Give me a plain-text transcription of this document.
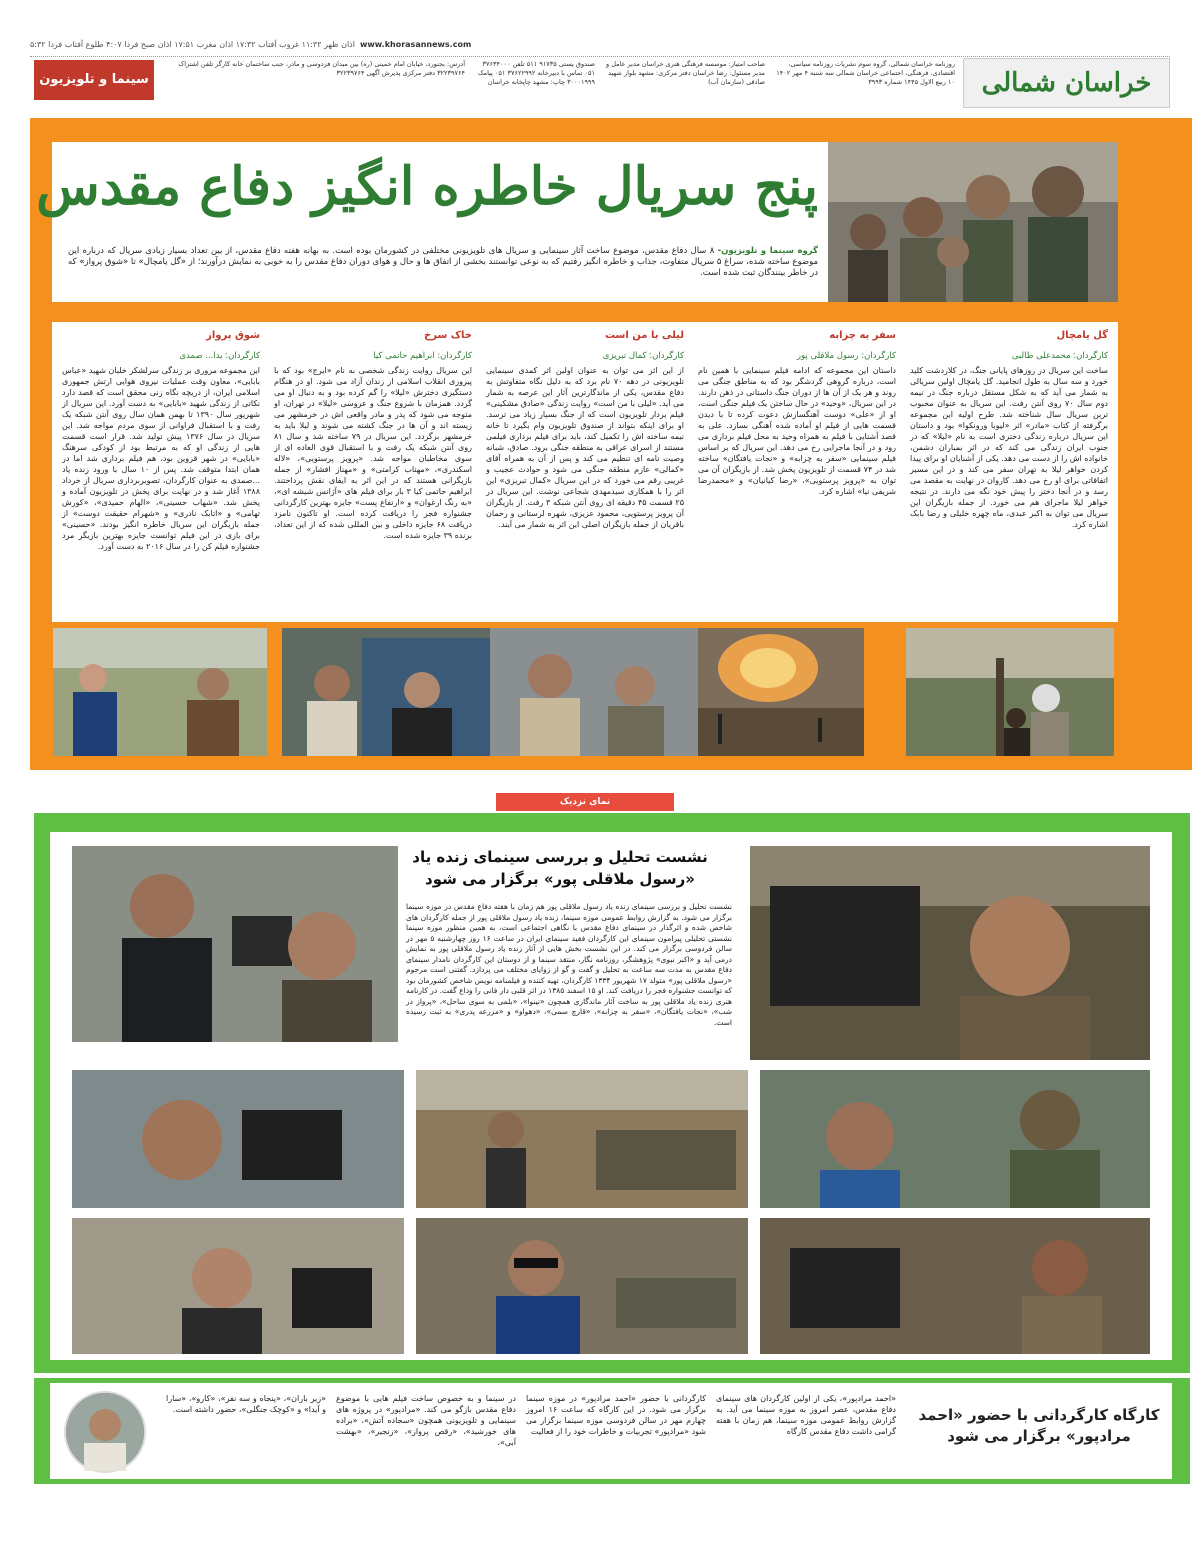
اذان ظهر ۱۱:۳۲ غروب آفتاب ۱۷:۳۲ اذان مغرب ۱۷:۵۱ اذان صبح فردا ۴:۰۷ طلوع آفتاب فردا ۵:۳۲ www.khorasannews.com
خراسان شمالی
روزنامه خراسان شمالی، گروه سوم نشریات روزنامه سیاسی، اقتصادی، فرهنگی، اجتماعی خراسان شمالی سه شنبه ۴ مهر ۱۴۰۲ ۱۰ ربیع الاول ۱۴۴۵ شماره ۳۹۹۳
صاحب امتیاز: موسسه فرهنگی هنری خراسان مدیر عامل و مدیر مسئول: رضا خراسان دفتر مرکزی: مشهد بلوار شهید صادقی (سازمان آب)
صندوق پستی ۹۱۷۳۵ ۵۱۱ تلفن ۳۷۶۳۴۰۰۰ ۰۵۱ تماس با دبیرخانه ۳۷۶۲۲۹۹۲ ۰۵۱ پیامک ۳۰۰۰۱۹۹۹ چاپ: مشهد چاپخانه خراسان
آدرس: بجنورد، خیابان امام خمینی (ره) بین میدان فردوسی و مادر، جنب ساختمان خانه کارگر تلفن اشتراک ۳۲۲۳۹۷۶۴ دفتر مرکزی پذیرش آگهی ۳۲۲۳۹۷۶۴
سینما و تلویزیون
پنج سریال خاطره انگیز دفاع مقدس
گروه سینما و تلویزیون- ۸ سال دفاع مقدس، موضوع ساخت آثار سینمایی و سریال های تلویزیونی مختلفی در کشورمان بوده است. به بهانه هفته دفاع مقدس، از بین تعداد بسیار زیادی سریال که درباره این موضوع ساخته شده، سراغ ۵ سریال متفاوت، جذاب و خاطره انگیز رفتیم که به نوعی توانستند بخشی از اتفاق ها و حال و هوای دوران دفاع مقدس را به خوبی به نمایش درآورند؛ از «گل یامچال» تا «شوق پرواز» که در خاطر بینندگان ثبت شده است.
گل یامچال
کارگردان: محمدعلی طالبی
ساخت این سریال در روزهای پایانی جنگ، در کلاردشت کلید خورد و سه سال به طول انجامید. گل یامچال اولین سریالی به شمار می آید که به شکل مستقل درباره جنگ در نیمه دوم سال ۷۰ روی آنتن رفت. این سریال به عنوان محبوب ترین سریال سال شناخته شد. طرح اولیه این مجموعه برگرفته از کتاب «مادر» اثر «لیوبا ورونکوا» بود و داستان این سریال درباره زندگی دختری است به نام «لیلا» که در جنوب ایران زندگی می کند که در اثر بمباران دشمن، خانواده اش را از دست می دهد. یکی از آشنایان او برای پیدا کردن خواهر لیلا به تهران سفر می کند و در این مسیر اتفاقاتی برای او رخ می دهد. کاروان در نهایت به مقصد می رسد و در آنجا دختر را پیش خود نگه می دارند. در نتیجه خواهر لیلا ماجرای هم می خورد. از جمله بازیگران این سریال می توان به اکبر عبدی، ماه چهره خلیلی و رضا بابک اشاره کرد.
سفر به چزابه
کارگردان: رسول ملاقلی پور
داستان این مجموعه که ادامه فیلم سینمایی با همین نام است، درباره گروهی گردشگر بود که به مناطق جنگی می روند و هر یک از آن ها از دوران جنگ داستانی در ذهن دارند. در این سریال، «وحید» در حال ساختن یک فیلم جنگی است، او از «علی» دوست آهنگسازش دعوت کرده تا با دیدن قسمت هایی از فیلم او آماده شده آهنگی بسازد. علی به قصد آشنایی با فیلم به همراه وحید به محل فیلم برداری می رود و در آنجا ماجرایی رخ می دهد. این سریال که بر اساس فیلم سینمایی «سفر به چزابه» و «نجات یافتگان» ساخته شد در ۷۴ قسمت از تلویزیون پخش شد. از بازیگران آن می توان به «پرویز پرستویی»، «رضا کیانیان» و «محمدرضا شریفی نیا» اشاره کرد.
لیلی با من است
کارگردان: کمال تبریزی
از این اثر می توان به عنوان اولین اثر کمدی سینمایی تلویزیونی در دهه ۷۰ نام برد که به دلیل نگاه متفاوتش به دفاع مقدس، یکی از ماندگارترین آثار این عرصه به شمار می آید. «لیلی با من است» روایت زندگی «صادق مشکینی» فیلم بردار تلویزیون است که از جنگ بسیار زیاد می ترسد. او برای اینکه بتواند از صندوق تلویزیون وام بگیرد تا خانه نیمه ساخته اش را تکمیل کند، باید برای فیلم برداری فیلمی مستند از اسرای عراقی به منطقه جنگی برود. صادق، شبانه وصیت نامه ای تنظیم می کند و پس از آن به همراه آقای «کمالی» عازم منطقه جنگی می شود و حوادث عجیب و غریبی رقم می خورد که در این سریال «کمال تبریزی» این اثر را با همکاری سیدمهدی شجاعی نوشت. این سریال در ۲۵ قسمت ۴۵ دقیقه ای روی آنتن شبکه ۳ رفت. از بازیگران آن پرویز پرستویی، محمود عزیزی، شهره لرستانی و رحمان باقریان از جمله بازیگران اصلی این اثر به شمار می آیند.
خاک سرخ
کارگردان: ابراهیم حاتمی کیا
این سریال روایت زندگی شخصی به نام «ایرج» بود که با پیروزی انقلاب اسلامی از زندان آزاد می شود. او در هنگام دستگیری دخترش «لیلا» را گم کرده بود و به دنبال او می گردد. همزمان با شروع جنگ و عروسی «لیلا» در تهران، او متوجه می شود که پدر و مادر واقعی اش در خرمشهر می زیسته اند و آن ها در جنگ کشته می شوند و لیلا باید به خرمشهر برگردد. این سریال در ۷۹ ساخته شد و سال ۸۱ روی آنتن شبکه یک رفت و با استقبال قوی العاده ای از سوی مخاطبان مواجه شد. «پرویز پرستویی»، «لاله اسکندری»، «مهتاب کرامتی» و «مهناز افشار» از جمله بازیگرانی هستند که در این اثر به ایفای نقش پرداختند. ابراهیم حاتمی کیا ۳ بار برای فیلم های «آژانس شیشه ای»، «به رنگ ارغوان» و «ارتفاع پست» جایزه بهترین کارگردانی جشنواره فجر را دریافت کرده است. او تاکنون نامزد دریافت ۶۸ جایزه داخلی و بین المللی شده که از این تعداد، برنده ۳۹ جایزه شده است.
شوق پرواز
کارگردان: یدا... صمدی
این مجموعه مروری بر زندگی سرلشکر خلبان شهید «عباس بابایی»، معاون وقت عملیات نیروی هوایی ارتش جمهوری اسلامی ایران، از دریچه نگاه زنی محقق است که قصد دارد نکاتی از زندگی شهید «بابایی» به دست آورد. این سریال از شهریور سال ۱۳۹۰ تا بهمن همان سال روی آنتن شبکه یک رفت و با استقبال فراوانی از سوی مردم مواجه شد. این سریال در سال ۱۳۷۶ پیش تولید شد. قرار است قسمت هایی از زندگی او که به مرتبط بود از کودکی سرهنگ «بابایی» در شهر قزوین بود، هم فیلم برداری شد اما در همان ابتدا متوقف شد. پس از ۱۰ سال با ورود زنده یاد ...صمدی به عنوان کارگردان، تصویربرداری سریال از خرداد ۱۳۸۸ آغاز شد و در نهایت برای پخش در تلویزیون آماده و پخش شد. «شهاب حسینی»، «الهام حمیدی»، «کورش تهامی» و «اتابک نادری» و «شهرام حقیقت دوست» از جمله بازیگران این سریال خاطره انگیز بودند. «حسینی» برای بازی در این فیلم توانست جایزه بهترین بازیگر مرد جشنواره فیلم کن را در سال ۲۰۱۶ به دست آورد.
نمای نزدیک
نشست تحلیل و بررسی سینمای زنده یاد «رسول ملاقلی پور» برگزار می شود
نشست تحلیل و بررسی سینمای زنده یاد رسول ملاقلی پور هم زمان با هفته دفاع مقدس در موزه سینما برگزار می شود. به گزارش روابط عمومی موزه سینما، زنده یاد رسول ملاقلی پور از جمله کارگردان های شاخص شده و اثرگذار در سینمای دفاع مقدس با نگاهی اجتماعی است، به همین منظور موزه سینما نشستی تحلیلی پیرامون سینمای این کارگردان فقید سینمای ایران در ساعت ۱۶ روز چهارشنبه ۵ مهر در سالن فردوسی برگزار می کند. در این نشست بخش هایی از آثار زنده یاد رسول ملاقلی پور به نمایش درمی آید و «اکبر نبوی» پژوهشگر، روزنامه نگار، منتقد سینما و از دوستان این کارگردان نامدار سینمای دفاع مقدس به مدت سه ساعت به تحلیل و گفت و گو از زوایای مختلف می پردازد. گفتنی است مرحوم «رسول ملاقلی پور» متولد ۱۷ شهریور ۱۳۳۴ کارگردان، تهیه کننده و فیلمنامه نویس شاخص کشورمان بود که توانست جشنواره فجر را دریافت کند. او ۱۵ اسفند ۱۳۸۵ در اثر قلبی دار فانی را وداع گفت. در کارنامه هنری زنده یاد ملاقلی پور به ساخت آثار ماندگاری همچون «نینوا»، «بلمی به سوی ساحل»، «پرواز در شب»، «نجات یافتگان»، «سفر به چزابه»، «قارچ سمی»، «دهواو» و «مزرعه پدری» به ثبت رسیده است.
کارگاه کارگردانی با حضور «احمد مرادپور» برگزار می شود
«احمد مرادپور»، یکی از اولین کارگردان های سینمای دفاع مقدس، عصر امروز به موزه سینما می آید. به گزارش روابط عمومی موزه سینما، هم زمان با هفته گرامی داشت دفاع مقدس کارگاه
کارگردانی با حضور «احمد مرادپور» در موزه سینما برگزار می شود. در این کارگاه که ساعت ۱۶ امروز چهارم مهر در سالن فردوسی موزه سینما برگزار می شود «مرادپور» تجربیات و خاطرات خود را از فعالیت
در سینما و به خصوص ساخت فیلم هایی با موضوع دفاع مقدس بازگو می کند. «مرادپور» در پروژه های سینمایی و تلویزیونی همچون «سجاده آتش»، «براده های خورشید»، «رقص پرواز»، «زنجیر»، «بهشت آبی»،
«زیر باران»، «پنجاه و سه نفر»، «کارو»، «سارا و آیدا» و «کوچک جنگلی»، حضور داشته است.
